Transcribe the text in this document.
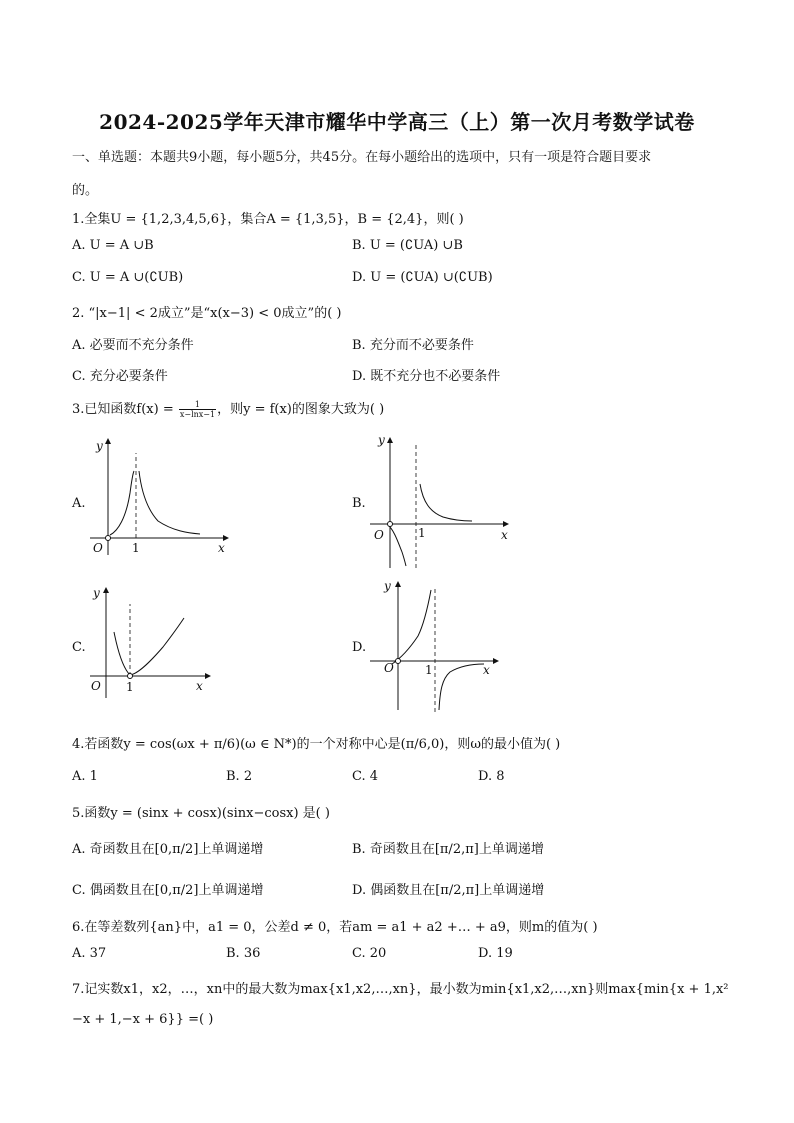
2024-2025学年天津市耀华中学高三（上）第一次月考数学试卷
一、单选题：本题共9小题，每小题5分，共45分。在每小题给出的选项中，只有一项是符合题目要求
的。
1.全集U = {1,2,3,4,5,6}，集合A = {1,3,5}，B = {2,4}，则( )
A. U = A ∪B	B. U = (∁UA) ∪B
C. U = A ∪(∁UB)	D. U = (∁UA) ∪(∁UB)
2. “|x−1| < 2成立”是“x(x−3) < 0成立”的( )
A. 必要而不充分条件	B. 充分而不必要条件
C. 充分必要条件	D. 既不充分也不必要条件
3.已知函数$f(x) = \frac{1}{x-\ln x-1}$ ，则y = f(x)的图象大致为( )
A.
O 1	x
y
B.
O	1	x
y
C.
O 1	x
y
D.
O	1	x
y
4.若函数y = cos(ωx + π/6)(ω ∈ N*)的一个对称中心是(π/6,0)，则ω的最小值为( )
A. 1	B. 2	C. 4	D. 8
5.函数y = (sinx + cosx)(sinx−cosx) 是( )
A. 奇函数且在[0,π/2]上单调递增	B. 奇函数且在[π/2,π]上单调递增
C. 偶函数且在[0,π/2]上单调递增	D. 偶函数且在[π/2,π]上单调递增
6.在等差数列{an}中，a1 = 0，公差d ≠ 0，若am = a1 + a2 +… + a9，则m的值为( )
A. 37	B. 36	C. 20	D. 19
7.记实数x1，x2，…，xn中的最大数为max{x1,x2,…,xn}，最小数为min{x1,x2,…,xn}则max{min{x + 1,x²
−x + 1,−x + 6}} =( )
